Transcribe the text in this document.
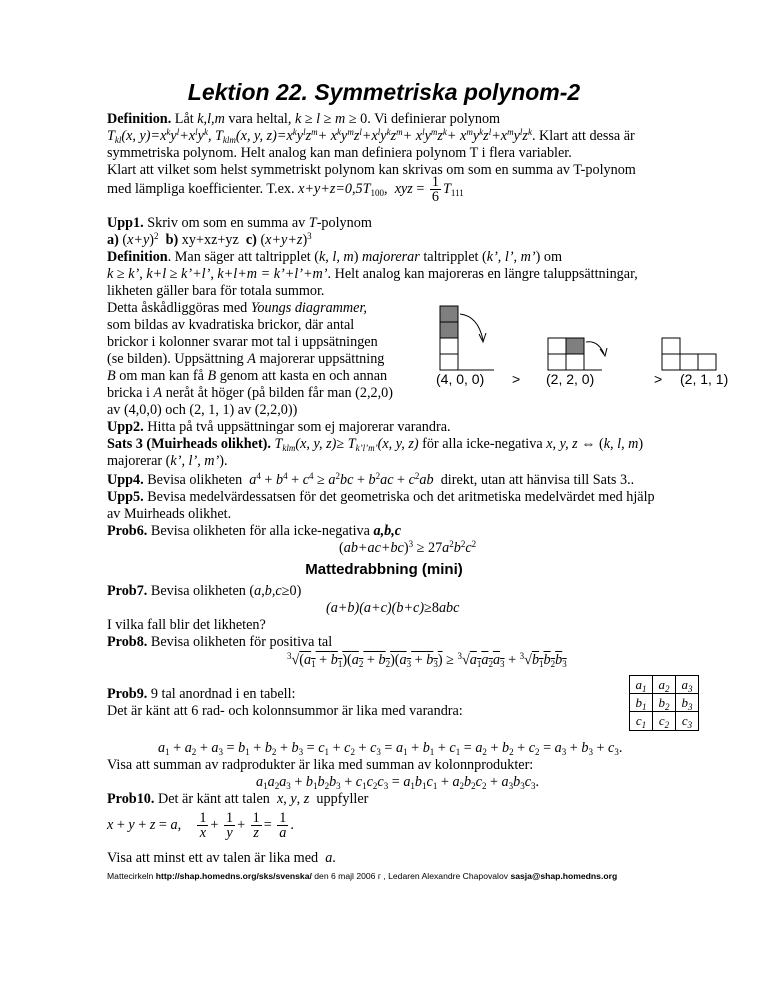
Lektion 22. Symmetriska polynom-2
Definition. Låt k,l,m vara heltal, k ≥ l ≥ m ≥ 0. Vi definierar polynom
$T_{kl}(x$, $y)=x^ky^l+x^ly^k$, $T_{klm}(x$, y, $z)=x^ky^lz^m+ x^ky^mz^l+x^ly^kz^m+ x^ly^mz^k+ x^my^kz^l+x^my^lz^k$. Klart att dessa är
symmetriska polynom. Helt analog kan man definiera polynom T i flera variabler.
Klart att vilket som helst symmetriskt polynom kan skrivas om som en summa av T-polynom
med lämpliga koefficienter. T.ex. $x+y+z=0,5T_{100}$,  xyz = $\frac{1}{6} T_{111}$
Upp1. Skriv om som en summa av T-polynom
a) $(x+y)^2$ b) xy+xz+yz  c) $(x+y+z)^3$
Definition. Man säger att taltripplet (k, l, m) majorerar taltripplet (k’, l’, m’) om
k ≥ k’, k+l ≥ k’+l’, k+l+m = k’+l’+m’. Helt analog kan majoreras en längre taluppsättningar,
likheten gäller bara för totala summor.
Detta åskådliggöras med Youngs diagrammer,
som bildas av kvadratiska brickor, där antal
brickor i kolonner svarar mot tal i uppsätningen
(se bilden). Uppsättning A majorerar uppsättning
B om man kan få B genom att kasta en och annan
bricka i A neråt åt höger (på bilden får man (2,2,0)
av (4,0,0) och (2, 1, 1) av (2,2,0))
(4, 0, 0) > (2, 2, 0)	> (2, 1, 1)
Upp2. Hitta på två uppsättningar som ej majorerar varandra.
Sats 3 (Muirheads olikhet). $T_{klm}(x$, y, $z)\ge T_{k’l’m’}(x$, y, z) för alla icke-negativa x, y, z ⇔ (k, l, m)
majorerar (k’, l’, m’).
Upp4. Bevisa olikheten $a^4 + b^4 + c^4 \ge a^2bc + b^2ac + c^2ab$ direkt, utan att hänvisa till Sats 3..
Upp5. Bevisa medelvärdessatsen för det geometriska och det aritmetiska medelvärdet med hjälp
av Muirheads olikhet.
Prob6. Bevisa olikheten för alla icke-negativa a,b,c
$(ab+ac+bc)^3 \ge 27a^2b^2c^2$
Mattedrabbning (mini)
Prob7. Bevisa olikheten (a,b,c≥0)
(a+b)(a+c)(b+c)≥8abc
I vilka fall blir det likheten?
Prob8. Bevisa olikheten för positiva tal
$^3√(a_1 + b_1)(a_2 + b_2)(a_3 + b_3) \ge ^3√a_1a_2a_3 + ^3√b_1b_2b_3$
Prob9. 9 tal anordnad i en tabell:
Det är känt att 6 rad- och kolonnsummor är lika med varandra:
$a_1$	$a_2$	$a_3$
$b_1$	$b_2$	$b_3$
$c_1$	$c_2$	$c_3$
$a_1 + a_2 + a_3 = b_1 + b_2 + b_3 = c_1 + c_2 + c_3 = a_1 + b_1 + c_1 = a_2 + b_2 + c_2 = a_3 + b_3 + c_3$.
Visa att summan av radprodukter är lika med summan av kolonnprodukter:
$a_1a_2a_3 + b_1b_2b_3 + c_1c_2c_3 = a_1b_1c_1 + a_2b_2c_2 + a_3b_3c_3$.
Prob10. Det är känt att talen  x, y, z  uppfyller
x + y + z = a, $\frac{1}{x} + \frac{1}{y} + \frac{1}{z} = \frac{1}{a}$ .
Visa att minst ett av talen är lika med  a.
Mattecirkeln http://shap.homedns.org/sks/svenska/ den 6 majl 2006 г , Ledaren Alexandre Chapovalov sasja@shap.homedns.org
